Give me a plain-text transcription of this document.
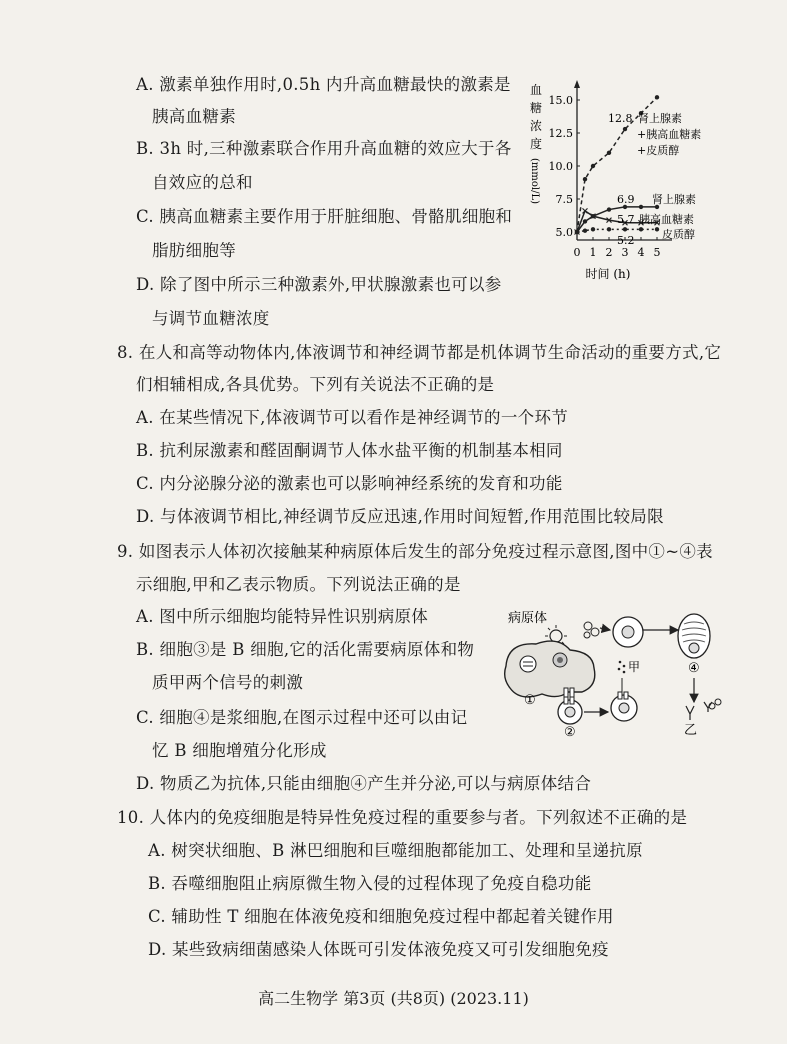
A. 激素单独作用时,0.5h 内升高血糖最快的激素是
胰高血糖素
B. 3h 时,三种激素联合作用升高血糖的效应大于各
自效应的总和
C. 胰高血糖素主要作用于肝脏细胞、骨骼肌细胞和
脂肪细胞等
D. 除了图中所示三种激素外,甲状腺激素也可以参
与调节血糖浓度
血
糖
浓
度
(mmol/L)
15.0
12.5
10.0
7.5
5.0
0 1 2 3 4 5
时间 (h)
12.8 肾上腺素
+胰高血糖素
+皮质醇
6.9 肾上腺素
5.7 胰高血糖素
皮质醇
5.2
8. 在人和高等动物体内,体液调节和神经调节都是机体调节生命活动的重要方式,它
们相辅相成,各具优势。下列有关说法不正确的是
A. 在某些情况下,体液调节可以看作是神经调节的一个环节
B. 抗利尿激素和醛固酮调节人体水盐平衡的机制基本相同
C. 内分泌腺分泌的激素也可以影响神经系统的发育和功能
D. 与体液调节相比,神经调节反应迅速,作用时间短暂,作用范围比较局限
9. 如图表示人体初次接触某种病原体后发生的部分免疫过程示意图,图中①~④表
示细胞,甲和乙表示物质。下列说法正确的是
A. 图中所示细胞均能特异性识别病原体
B. 细胞③是 B 细胞,它的活化需要病原体和物
质甲两个信号的刺激
C. 细胞④是浆细胞,在图示过程中还可以由记
忆 B 细胞增殖分化形成
D. 物质乙为抗体,只能由细胞④产生并分泌,可以与病原体结合
病原体
①
②
甲	④
乙
10. 人体内的免疫细胞是特异性免疫过程的重要参与者。下列叙述不正确的是
A. 树突状细胞、B 淋巴细胞和巨噬细胞都能加工、处理和呈递抗原
B. 吞噬细胞阻止病原微生物入侵的过程体现了免疫自稳功能
C. 辅助性 T 细胞在体液免疫和细胞免疫过程中都起着关键作用
D. 某些致病细菌感染人体既可引发体液免疫又可引发细胞免疫
高二生物学 第3页 (共8页) (2023.11)
